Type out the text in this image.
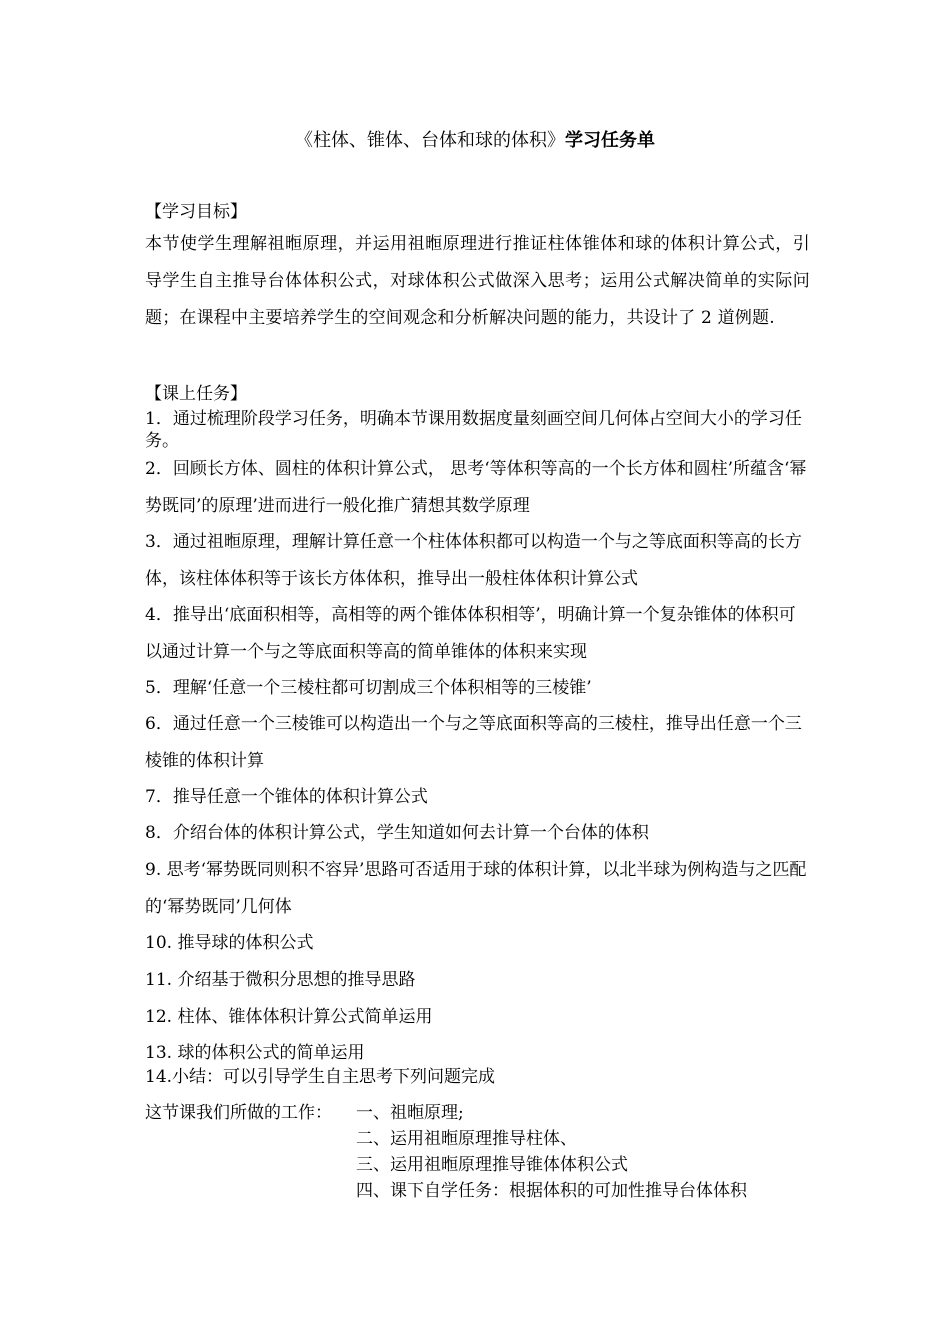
《柱体、锥体、台体和球的体积》学习任务单
【学习目标】
本节使学生理解祖暅原理，并运用祖暅原理进行推证柱体锥体和球的体积计算公式，引导学生自主推导台体体积公式，对球体积公式做深入思考；运用公式解决简单的实际问题；在课程中主要培养学生的空间观念和分析解决问题的能力，共设计了 2 道例题.
【课上任务】
1．通过梳理阶段学习任务，明确本节课用数据度量刻画空间几何体占空间大小的学习任务。
2．回顾长方体、圆柱的体积计算公式， 思考‘等体积等高的一个长方体和圆柱’所蕴含‘幂势既同’的原理’进而进行一般化推广猜想其数学原理
3．通过祖暅原理，理解计算任意一个柱体体积都可以构造一个与之等底面积等高的长方体，该柱体体积等于该长方体体积，推导出一般柱体体积计算公式
4．推导出‘底面积相等，高相等的两个锥体体积相等’，明确计算一个复杂锥体的体积可以通过计算一个与之等底面积等高的简单锥体的体积来实现
5．理解‘任意一个三棱柱都可切割成三个体积相等的三棱锥’
6．通过任意一个三棱锥可以构造出一个与之等底面积等高的三棱柱，推导出任意一个三棱锥的体积计算
7．推导任意一个锥体的体积计算公式
8．介绍台体的体积计算公式，学生知道如何去计算一个台体的体积
9. 思考‘幂势既同则积不容异’思路可否适用于球的体积计算，以北半球为例构造与之匹配的‘幂势既同’几何体
10. 推导球的体积公式
11. 介绍基于微积分思想的推导思路
12. 柱体、锥体体积计算公式简单运用
13. 球的体积公式的简单运用
14.小结：可以引导学生自主思考下列问题完成
这节课我们所做的工作： 一、祖暅原理;
二、运用祖暅原理推导柱体、
三、运用祖暅原理推导锥体体积公式
四、课下自学任务：根据体积的可加性推导台体体积
